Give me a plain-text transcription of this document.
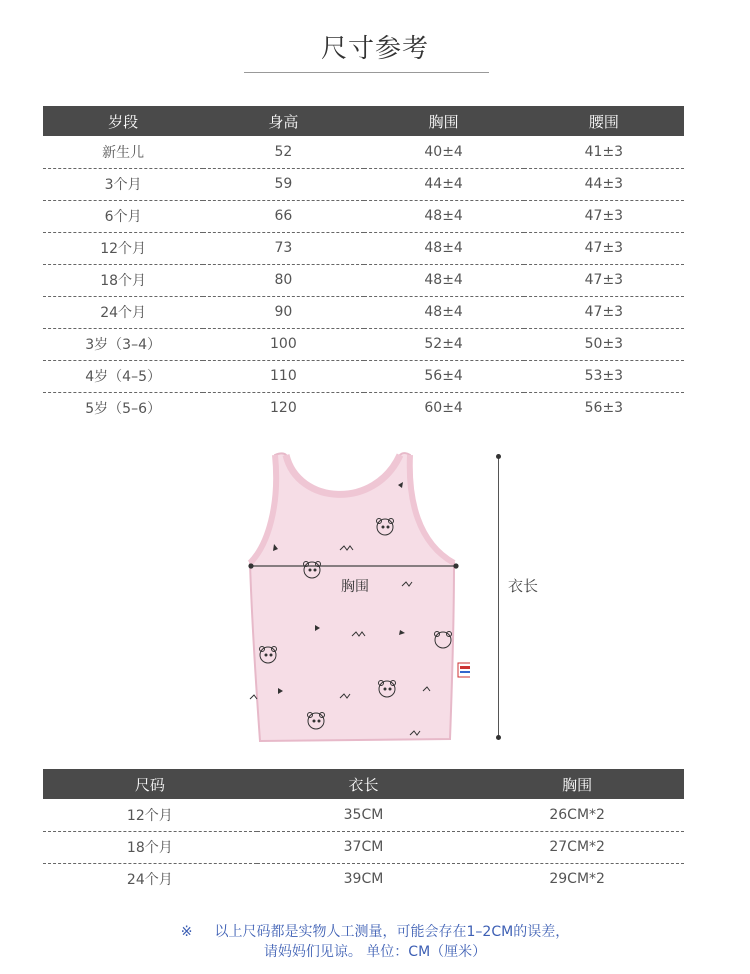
尺寸参考
岁段	身高	胸围	腰围
新生儿	52	40±4	41±3
3个月	59	44±4	44±3
6个月	66	48±4	47±3
12个月	73	48±4	47±3
18个月	80	48±4	47±3
24个月	90	48±4	47±3
3岁（3–4）	100	52±4	50±3
4岁（4–5）	110	56±4	53±3
5岁（5–6）	120	60±4	56±3
衣长
胸围
尺码	衣长	胸围
12个月	35CM	26CM*2
18个月	37CM	27CM*2
24个月	39CM	29CM*2
※ 以上尺码都是实物人工测量，可能会存在1–2CM的误差，
请妈妈们见谅。 单位：CM（厘米）
